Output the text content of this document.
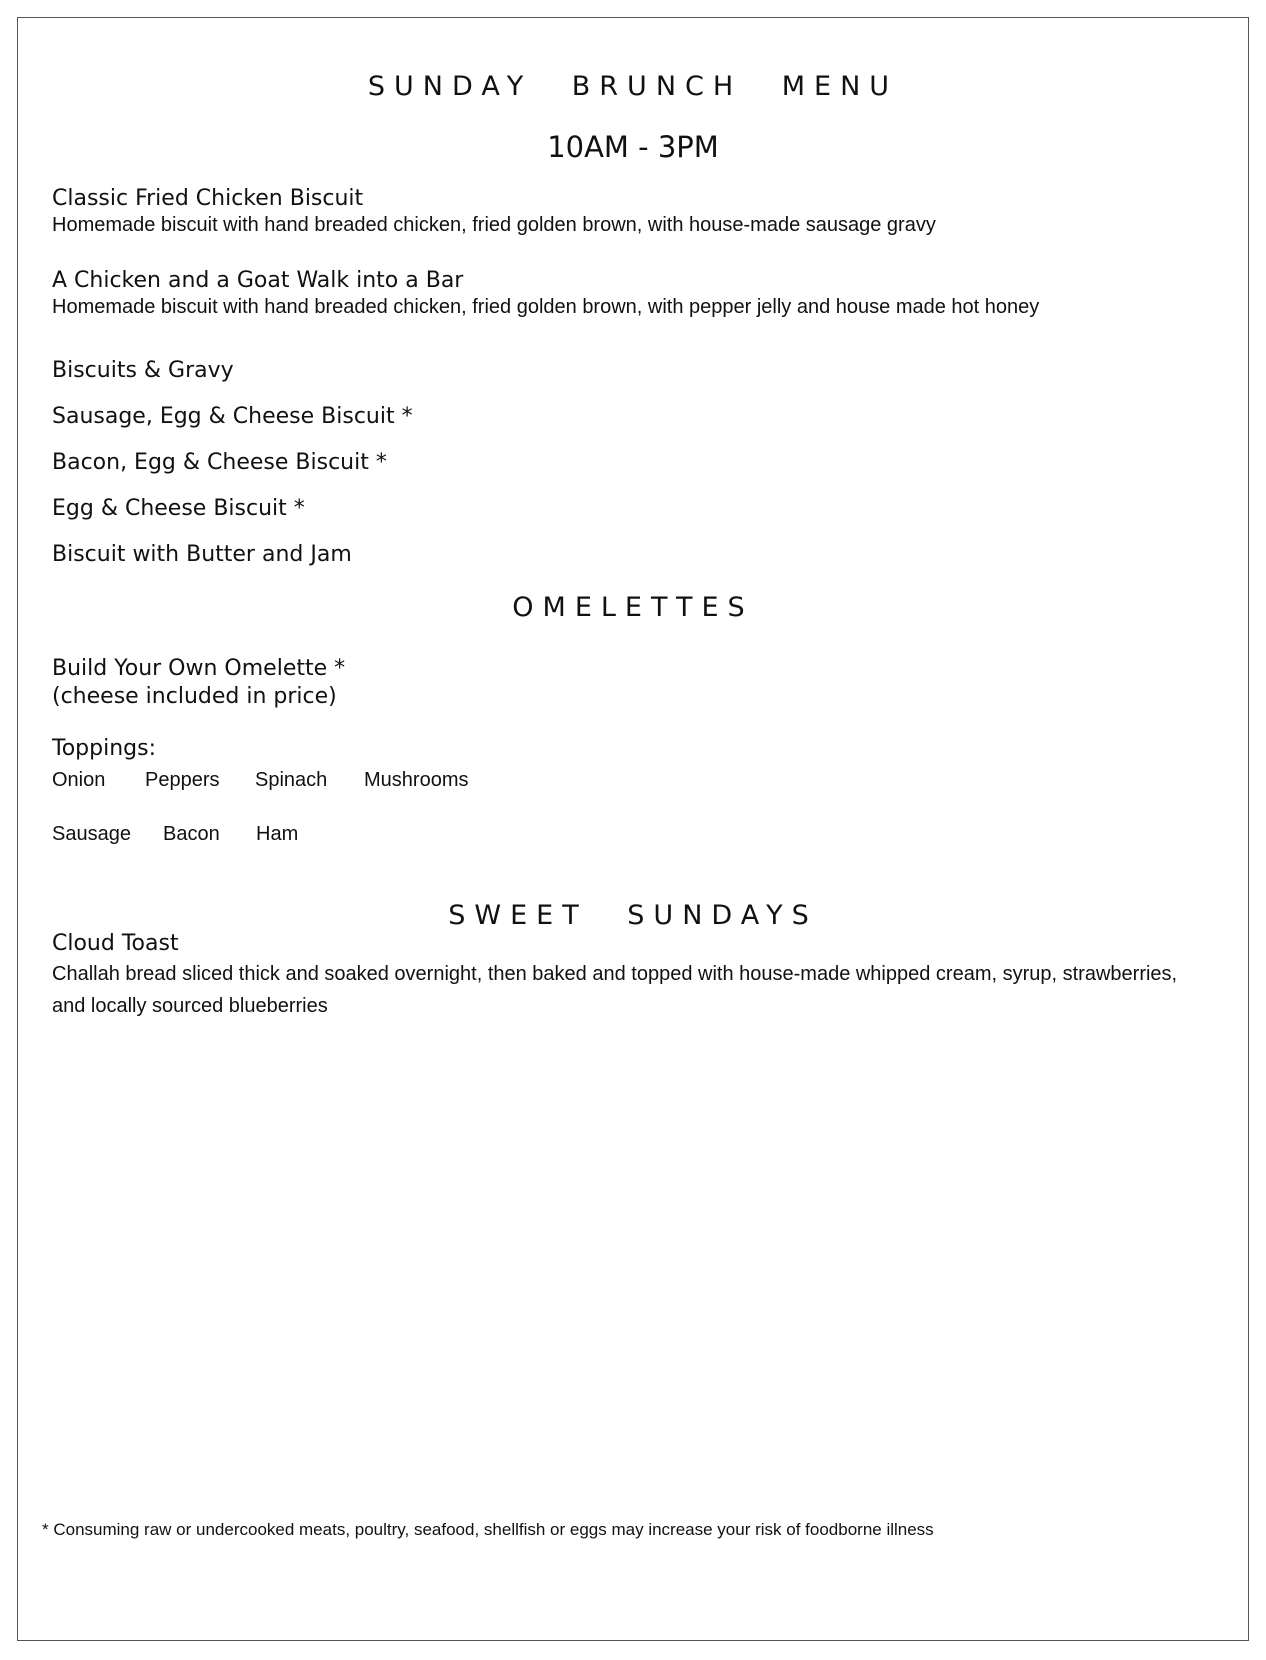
SUNDAY BRUNCH MENU
10AM - 3PM
Classic Fried Chicken Biscuit
Homemade biscuit with hand breaded chicken, fried golden brown, with house-made sausage gravy
A Chicken and a Goat Walk into a Bar
Homemade biscuit with hand breaded chicken, fried golden brown, with pepper jelly and house made hot honey
Biscuits & Gravy
Sausage, Egg & Cheese Biscuit *
Bacon, Egg & Cheese Biscuit *
Egg & Cheese Biscuit *
Biscuit with Butter and Jam
OMELETTES
Build Your Own Omelette *
(cheese included in price)
Toppings:
Onion Peppers Spinach Mushrooms
Sausage Bacon Ham
SWEET SUNDAYS
Cloud Toast
Challah bread sliced thick and soaked overnight, then baked and topped with house-made whipped cream, syrup, strawberries, and locally sourced blueberries
* Consuming raw or undercooked meats, poultry, seafood, shellfish or eggs may increase your risk of foodborne illness
